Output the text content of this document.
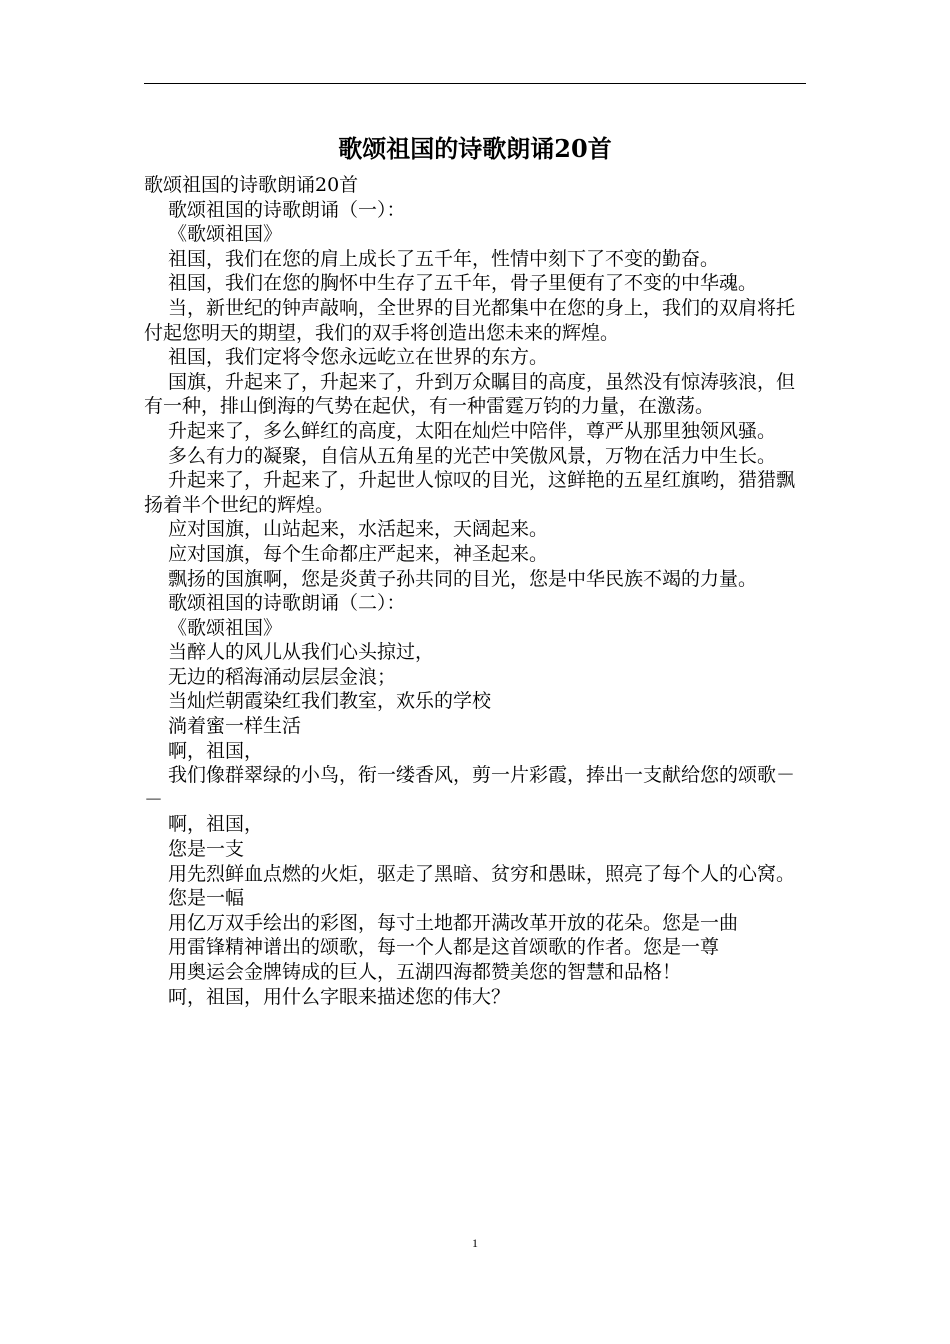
歌颂祖国的诗歌朗诵20首

歌颂祖国的诗歌朗诵20首

歌颂祖国的诗歌朗诵（一）：

《歌颂祖国》

祖国，我们在您的肩上成长了五千年，性情中刻下了不变的勤奋。

祖国，我们在您的胸怀中生存了五千年，骨子里便有了不变的中华魂。

当，新世纪的钟声敲响，全世界的目光都集中在您的身上，我们的双肩将托付起您明天的期望，我们的双手将创造出您未来的辉煌。

祖国，我们定将令您永远屹立在世界的东方。

国旗，升起来了，升起来了，升到万众瞩目的高度，虽然没有惊涛骇浪，但有一种，排山倒海的气势在起伏，有一种雷霆万钧的力量，在激荡。

升起来了，多么鲜红的高度，太阳在灿烂中陪伴，尊严从那里独领风骚。

多么有力的凝聚，自信从五角星的光芒中笑傲风景，万物在活力中生长。

升起来了，升起来了，升起世人惊叹的目光，这鲜艳的五星红旗哟，猎猎飘扬着半个世纪的辉煌。

应对国旗，山站起来，水活起来，天阔起来。

应对国旗，每个生命都庄严起来，神圣起来。

飘扬的国旗啊，您是炎黄子孙共同的目光，您是中华民族不竭的力量。

歌颂祖国的诗歌朗诵（二）：

《歌颂祖国》

当醉人的风儿从我们心头掠过，

无边的稻海涌动层层金浪；

当灿烂朝霞染红我们教室，欢乐的学校

淌着蜜一样生活

啊，祖国，

我们像群翠绿的小鸟，衔一缕香风，剪一片彩霞，捧出一支献给您的颂歌－－

啊，祖国，

您是一支

用先烈鲜血点燃的火炬，驱走了黑暗、贫穷和愚昧，照亮了每个人的心窝。

您是一幅

用亿万双手绘出的彩图，每寸土地都开满改革开放的花朵。您是一曲

用雷锋精神谱出的颂歌，每一个人都是这首颂歌的作者。您是一尊

用奥运会金牌铸成的巨人，五湖四海都赞美您的智慧和品格！

呵，祖国，用什么字眼来描述您的伟大？

1
